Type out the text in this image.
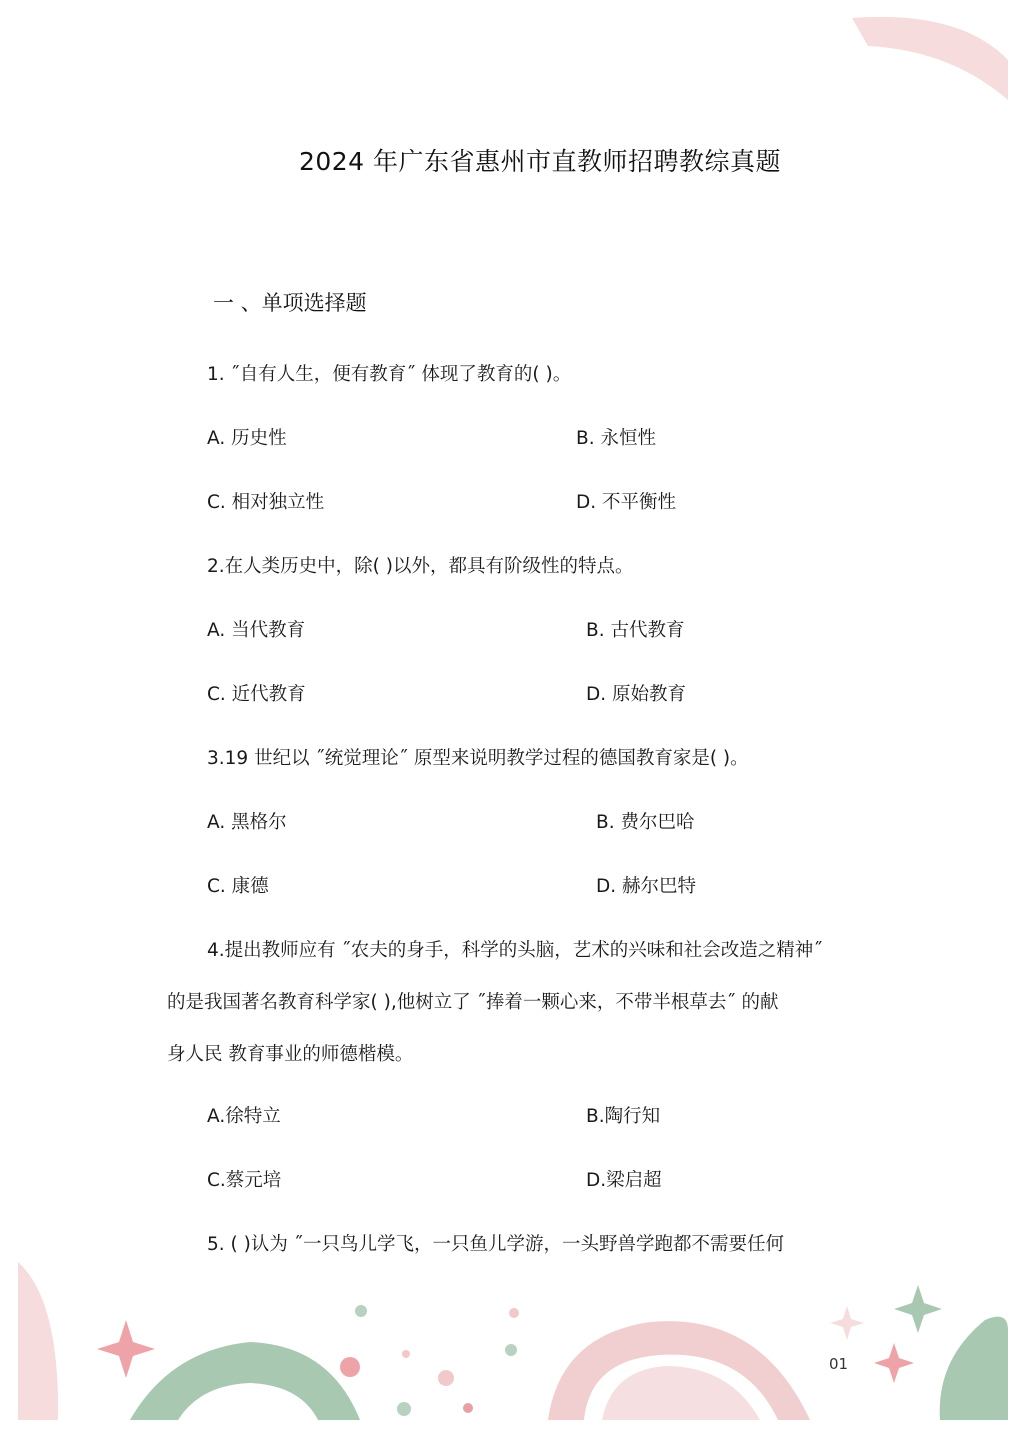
2024 年广东省惠州市直教师招聘教综真题
一 、单项选择题
1. ˝自有人生，便有教育˝ 体现了教育的( )。
A. 历史性	B. 永恒性
C. 相对独立性	D. 不平衡性
2.在人类历史中，除( )以外，都具有阶级性的特点。
A. 当代教育	B. 古代教育
C. 近代教育	D. 原始教育
3.19 世纪以 ˝统觉理论˝ 原型来说明教学过程的德国教育家是( )。
A. 黑格尔	B. 费尔巴哈
C. 康德	D. 赫尔巴特
4.提出教师应有 ˝农夫的身手，科学的头脑，艺术的兴味和社会改造之精神˝
的是我国著名教育科学家( ),他树立了 ˝捧着一颗心来，不带半根草去˝ 的献
身人民 教育事业的师德楷模。
A.徐特立	B.陶行知
C.蔡元培	D.梁启超
5. ( )认为 ˝一只鸟儿学飞，一只鱼儿学游，一头野兽学跑都不需要任何
01
